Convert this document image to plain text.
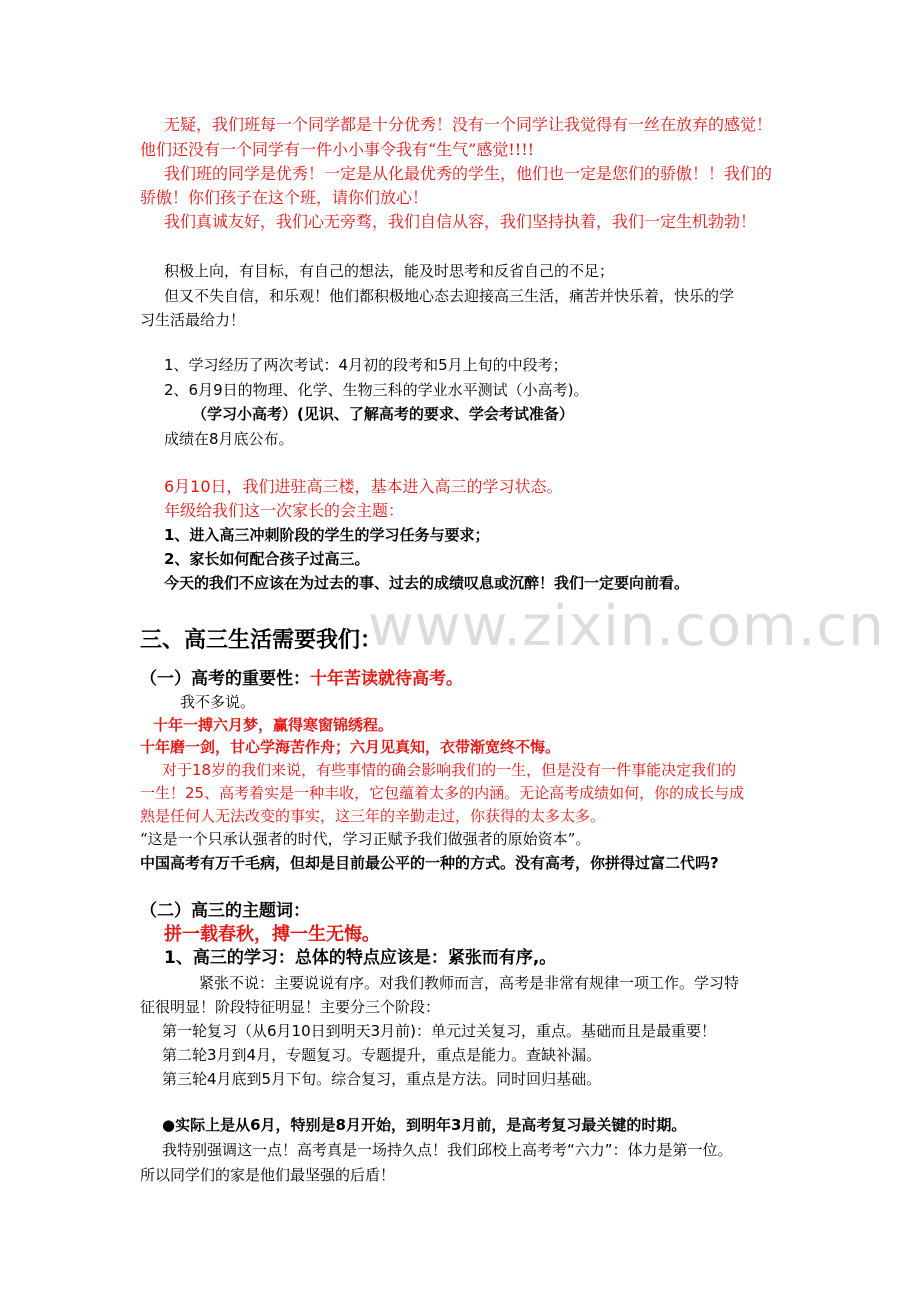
www.zixin.com.cn
无疑，我们班每一个同学都是十分优秀！没有一个同学让我觉得有一丝在放弃的感觉！
他们还没有一个同学有一件小小事令我有“生气”感觉!!!!
我们班的同学是优秀！一定是从化最优秀的学生，他们也一定是您们的骄傲！！我们的
骄傲！你们孩子在这个班，请你们放心！
我们真诚友好，我们心无旁骛，我们自信从容，我们坚持执着，我们一定生机勃勃！
积极上向，有目标，有自己的想法，能及时思考和反省自己的不足；
但又不失自信，和乐观！他们都积极地心态去迎接高三生活，痛苦并快乐着，快乐的学
习生活最给力！
1、学习经历了两次考试：4月初的段考和5月上旬的中段考；
2、6月9日的物理、化学、生物三科的学业水平测试（小高考)。
（学习小高考）(见识、了解高考的要求、学会考试准备）
成绩在8月底公布。
6月10日，我们进驻高三楼，基本进入高三的学习状态。
年级给我们这一次家长的会主题：
1、进入高三冲刺阶段的学生的学习任务与要求；
2、家长如何配合孩子过高三。
今天的我们不应该在为过去的事、过去的成绩叹息或沉醉！我们一定要向前看。
三、高三生活需要我们：
（一）高考的重要性：十年苦读就待高考。
我不多说。
十年一搏六月梦，赢得寒窗锦绣程。
十年磨一剑，甘心学海苦作舟；六月见真知，衣带渐宽终不悔。
对于18岁的我们来说，有些事情的确会影响我们的一生，但是没有一件事能决定我们的
一生！25、高考着实是一种丰收，它包蕴着太多的内涵。无论高考成绩如何，你的成长与成
熟是任何人无法改变的事实，这三年的辛勤走过，你获得的太多太多。
“这是一个只承认强者的时代，学习正赋予我们做强者的原始资本”。
中国高考有万千毛病，但却是目前最公平的一种的方式。没有高考，你拼得过富二代吗?
（二）高三的主题词：
拼一载春秋，搏一生无悔。
1、高三的学习：总体的特点应该是：紧张而有序,。
紧张不说：主要说说有序。对我们教师而言，高考是非常有规律一项工作。学习特
征很明显！阶段特征明显！主要分三个阶段：
第一轮复习（从6月10日到明天3月前)：单元过关复习，重点。基础而且是最重要！
第二轮3月到4月，专题复习。专题提升，重点是能力。查缺补漏。
第三轮4月底到5月下旬。综合复习，重点是方法。同时回归基础。
●实际上是从6月，特别是8月开始，到明年3月前，是高考复习最关键的时期。
我特别强调这一点！高考真是一场持久点！我们邱校上高考考“六力”：体力是第一位。
所以同学们的家是他们最坚强的后盾！
